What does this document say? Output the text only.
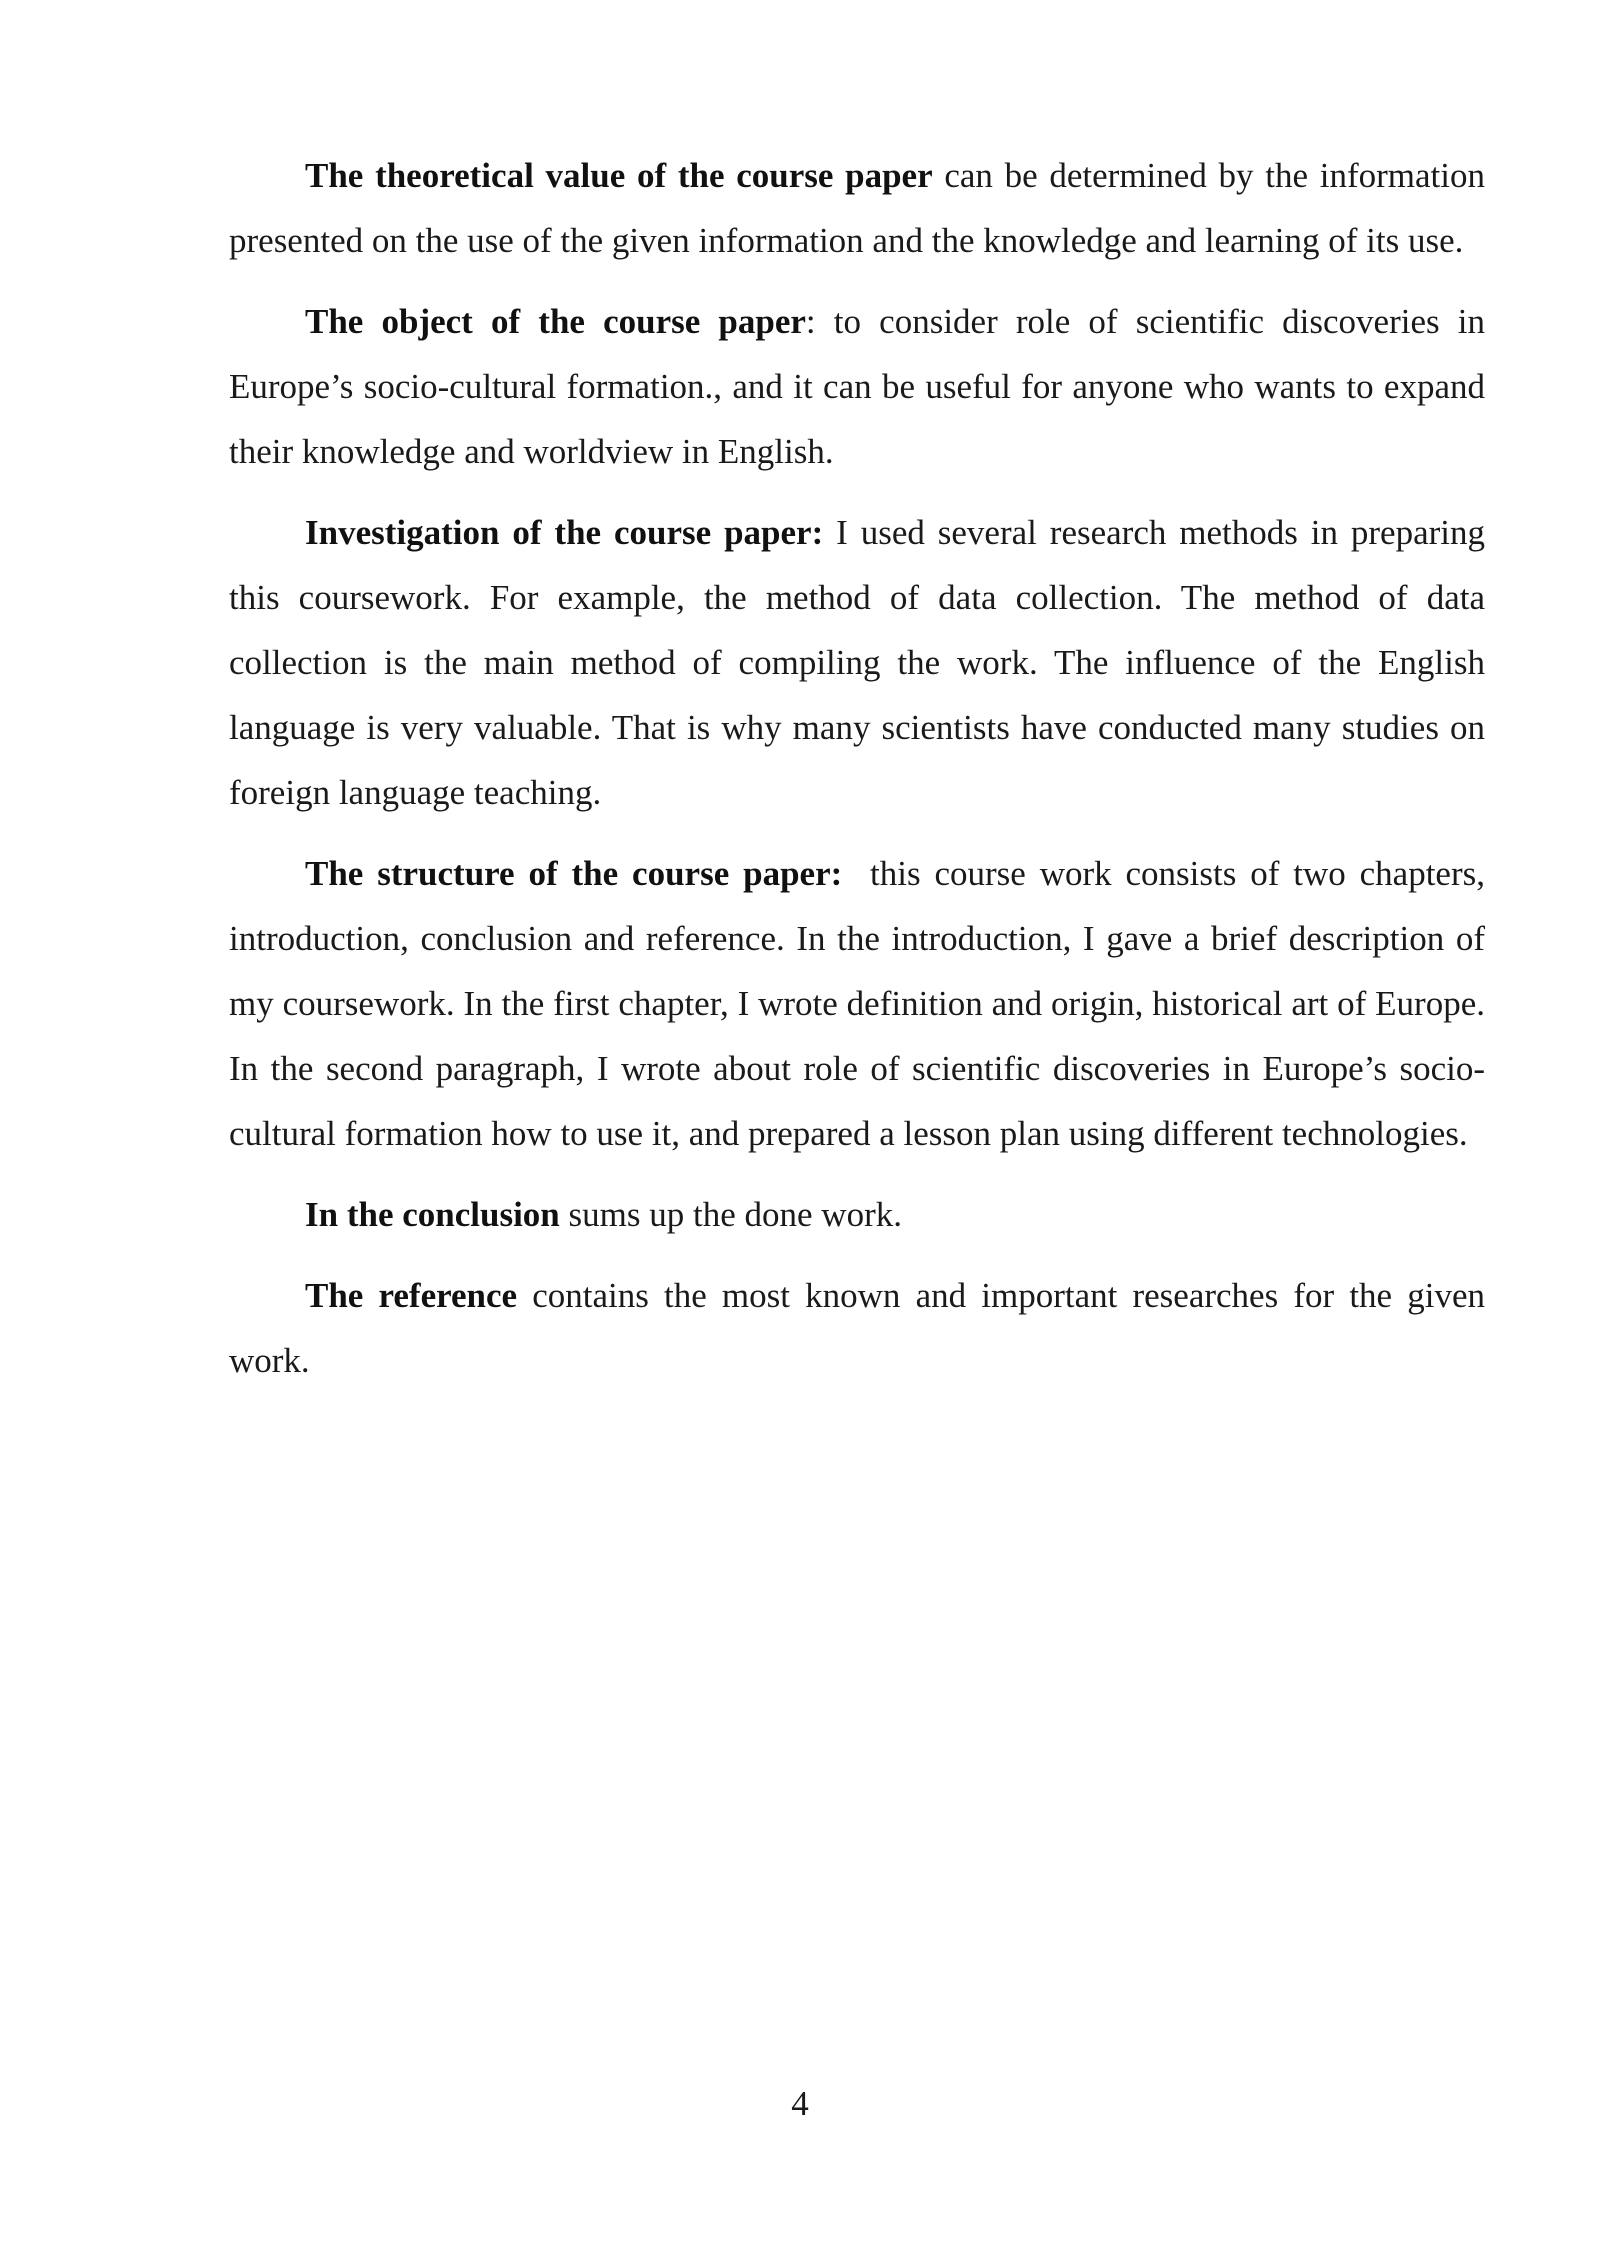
The theoretical value of the course paper can be determined by the information presented on the use of the given information and the knowledge and learning of its use.

The object of the course paper: to consider role of scientific discoveries in Europe’s socio-cultural formation., and it can be useful for anyone who wants to expand their knowledge and worldview in English.

Investigation of the course paper: I used several research methods in preparing this coursework. For example, the method of data collection. The method of data collection is the main method of compiling the work. The influence of the English language is very valuable. That is why many scientists have conducted many studies on foreign language teaching.

The structure of the course paper:  this course work consists of two chapters, introduction, conclusion and reference. In the introduction, I gave a brief description of my coursework. In the first chapter, I wrote definition and origin, historical art of Europe. In the second paragraph, I wrote about role of scientific discoveries in Europe’s socio-cultural formation how to use it, and prepared a lesson plan using different technologies.

In the conclusion sums up the done work.

The reference contains the most known and important researches for the given work.

4
